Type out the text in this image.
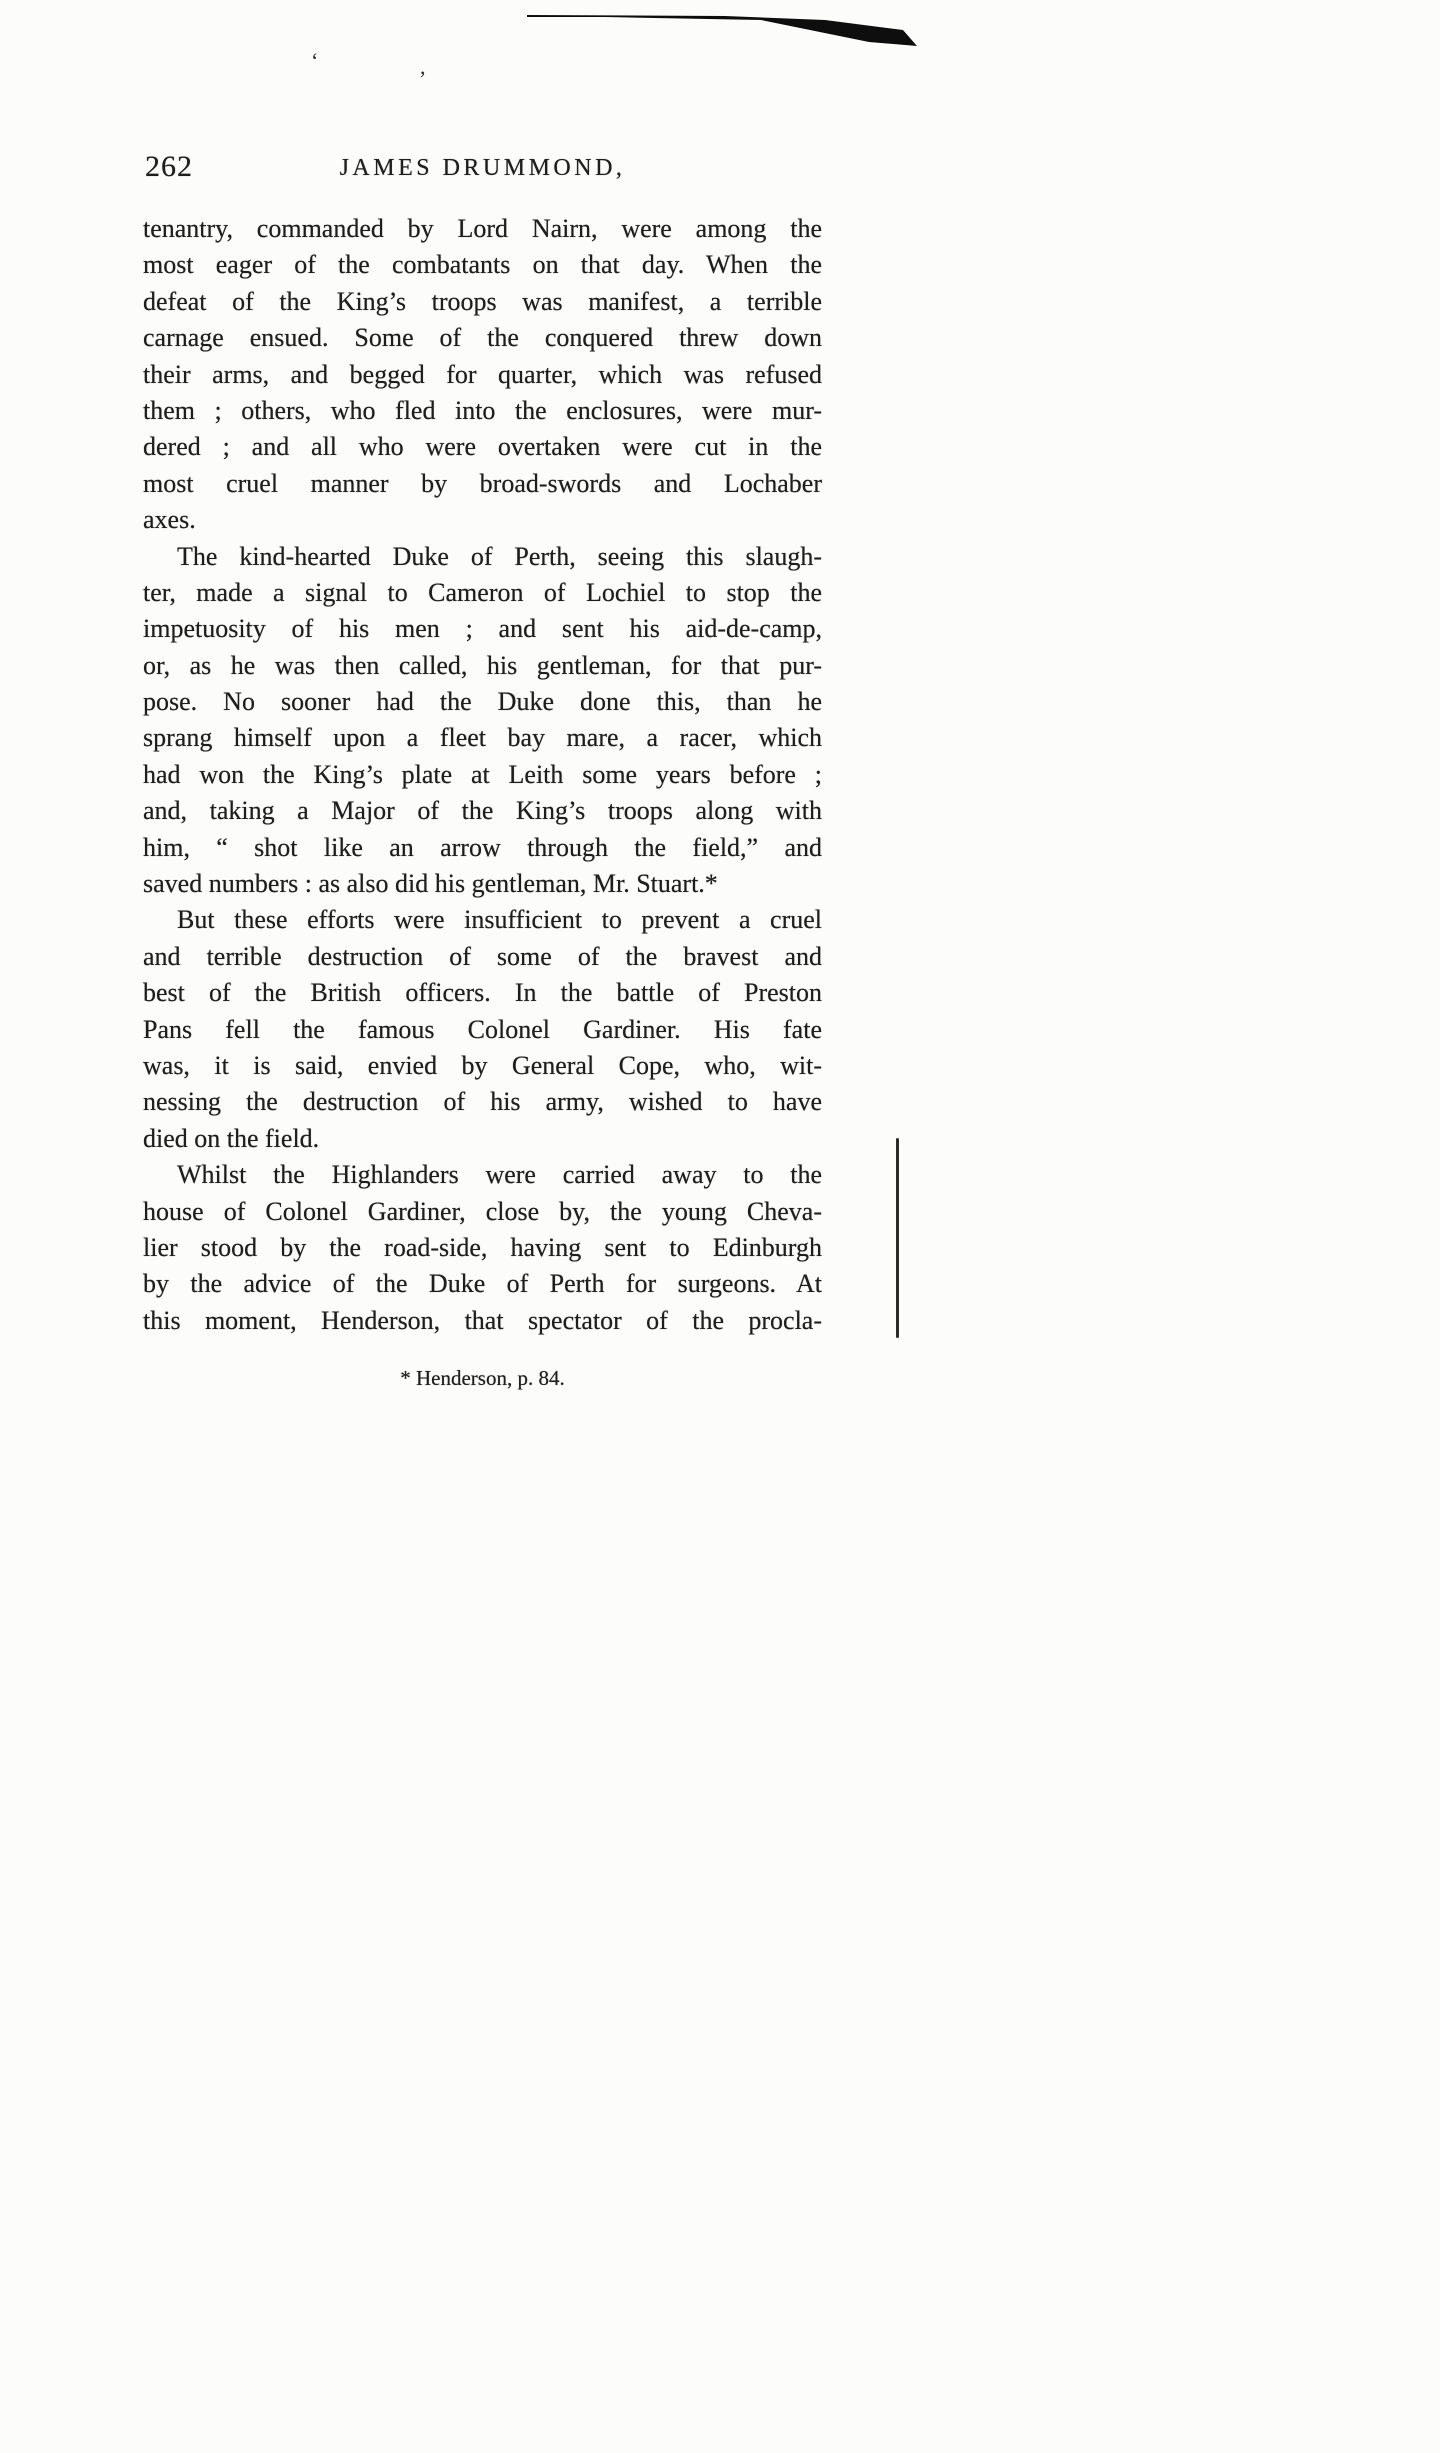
‘	,
262	JAMES DRUMMOND,
tenantry, commanded by Lord Nairn, were among the
most eager of the combatants on that day. When the
defeat of the King’s troops was manifest, a terrible
carnage ensued. Some of the conquered threw down
their arms, and begged for quarter, which was refused
them ; others, who fled into the enclosures, were mur-
dered ; and all who were overtaken were cut in the
most cruel manner by broad-swords and Lochaber
axes.
The kind-hearted Duke of Perth, seeing this slaugh-
ter, made a signal to Cameron of Lochiel to stop the
impetuosity of his men ; and sent his aid-de-camp,
or, as he was then called, his gentleman, for that pur-
pose. No sooner had the Duke done this, than he
sprang himself upon a fleet bay mare, a racer, which
had won the King’s plate at Leith some years before ;
and, taking a Major of the King’s troops along with
him, “ shot like an arrow through the field,” and
saved numbers : as also did his gentleman, Mr. Stuart.*
But these efforts were insufficient to prevent a cruel
and terrible destruction of some of the bravest and
best of the British officers. In the battle of Preston
Pans fell the famous Colonel Gardiner. His fate
was, it is said, envied by General Cope, who, wit-
nessing the destruction of his army, wished to have
died on the field.
Whilst the Highlanders were carried away to the
house of Colonel Gardiner, close by, the young Cheva-
lier stood by the road-side, having sent to Edinburgh
by the advice of the Duke of Perth for surgeons. At
this moment, Henderson, that spectator of the procla-
* Henderson, p. 84.
